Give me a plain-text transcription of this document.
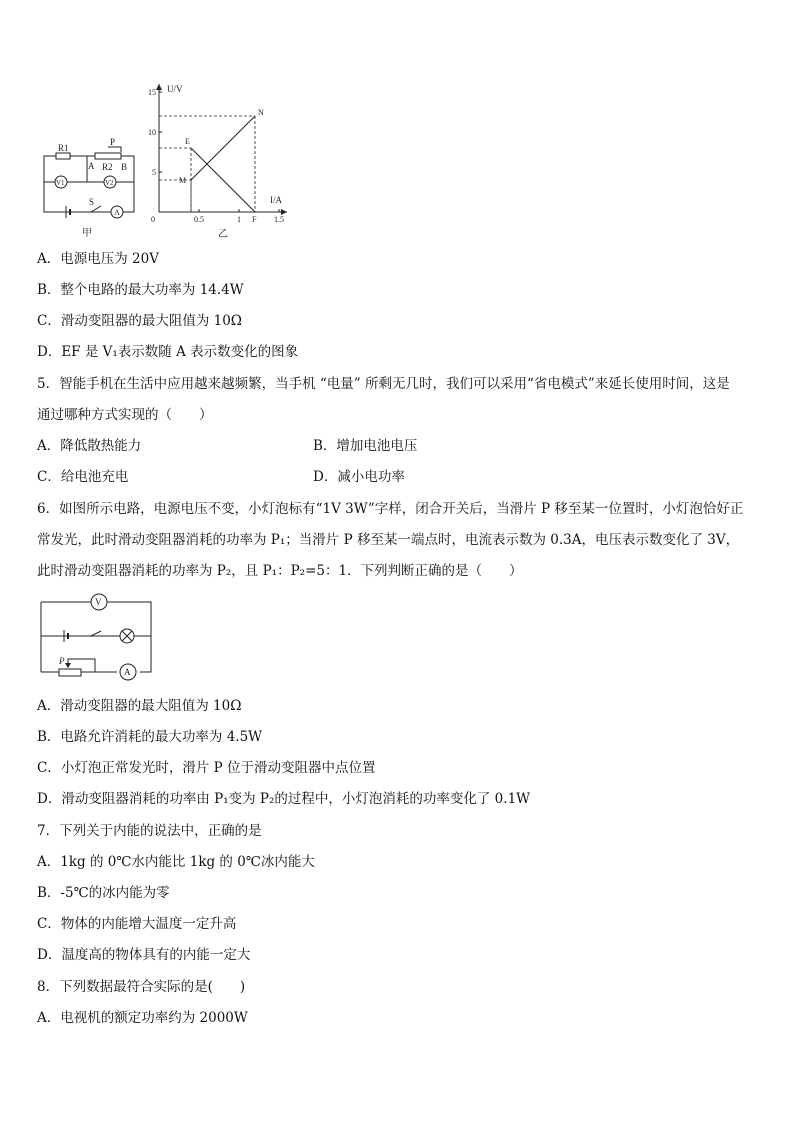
R1
P
A R2 B
V1	V2
S
A
甲
15
10
5
0	0.5	1	1.5
E
M
N
F
U/V
I/A
乙
A．电源电压为 20V
B．整个电路的最大功率为 14.4W
C．滑动变阻器的最大阻值为 10Ω
D．EF 是 V₁表示数随 A 表示数变化的图象
5．智能手机在生活中应用越来越频繁，当手机 “电量” 所剩无几时，我们可以采用“省电模式”来延长使用时间，这是
通过哪种方式实现的（　　）
A．降低散热能力	B．增加电池电压
C．给电池充电	D．减小电功率
6．如图所示电路，电源电压不变，小灯泡标有“1V 3W”字样，闭合开关后，当滑片 P 移至某一位置时，小灯泡恰好正
常发光，此时滑动变阻器消耗的功率为 P₁；当滑片 P 移至某一端点时，电流表示数为 0.3A，电压表示数变化了 3V，
此时滑动变阻器消耗的功率为 P₂，且 P₁：P₂=5：1．下列判断正确的是（　　）
V
A
P
A．滑动变阻器的最大阻值为 10Ω
B．电路允许消耗的最大功率为 4.5W
C．小灯泡正常发光时，滑片 P 位于滑动变阻器中点位置
D．滑动变阻器消耗的功率由 P₁变为 P₂的过程中，小灯泡消耗的功率变化了 0.1W
7．下列关于内能的说法中，正确的是
A．1kg 的 0℃水内能比 1kg 的 0℃冰内能大
B．-5℃的冰内能为零
C．物体的内能增大温度一定升高
D．温度高的物体具有的内能一定大
8．下列数据最符合实际的是(　　)
A．电视机的额定功率约为 2000W
